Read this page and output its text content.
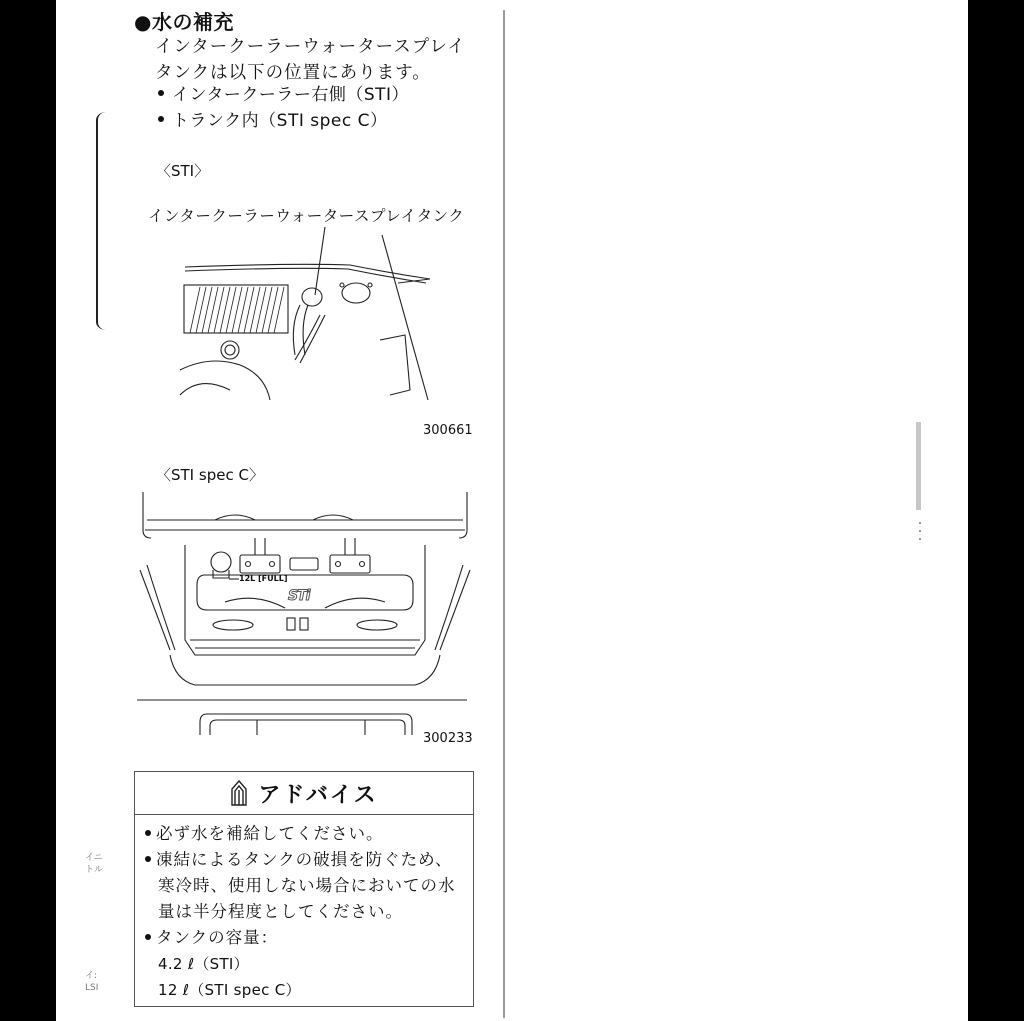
●水の補充
インタークーラーウォータースプレイ
タンクは以下の位置にあります。
インタークーラー右側（STI）
トランク内（STI spec C）
〈STI〉
インタークーラーウォータースプレイタンク
300661
〈STI spec C〉
12L [FULL]
STi
300233
アドバイス
必ず水を補給してください。
凍結によるタンクの破損を防ぐため、
寒冷時、使用しない場合においての水
量は半分程度としてください。
タンクの容量：
4.2 ℓ（STI）
12 ℓ（STI spec C）
イニ
トル
イ:
LSI
